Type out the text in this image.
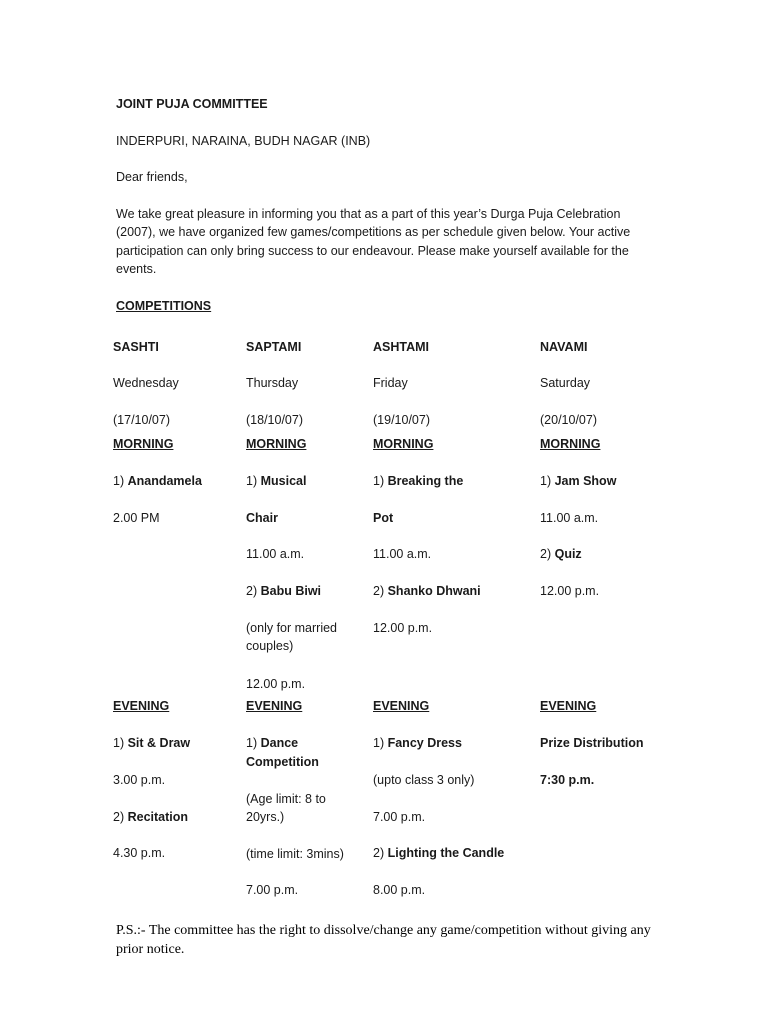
JOINT PUJA COMMITTEE
INDERPURI, NARAINA, BUDH NAGAR (INB)
Dear friends,
We take great pleasure in informing you that as a part of this year’s Durga Puja Celebration (2007), we have organized few games/competitions as per schedule given below. Your active participation can only bring success to our endeavour. Please make yourself available for the events.
COMPETITIONS
SASHTI
Wednesday
(17/10/07)
MORNING
1) Anandamela
2.00 PM
EVENING
1) Sit & Draw
3.00 p.m.
2) Recitation
4.30 p.m.
SAPTAMI
Thursday
(18/10/07)
MORNING
1) Musical
Chair
11.00 a.m.
2) Babu Biwi
(only for married
couples)
12.00 p.m.
EVENING
1) Dance
Competition
(Age limit: 8 to
20yrs.)
(time limit: 3mins)
7.00 p.m.
ASHTAMI
Friday
(19/10/07)
MORNING
1) Breaking the
Pot
11.00 a.m.
2) Shanko Dhwani
12.00 p.m.
EVENING
1) Fancy Dress
(upto class 3 only)
7.00 p.m.
2) Lighting the Candle
8.00 p.m.
NAVAMI
Saturday
(20/10/07)
MORNING
1) Jam Show
11.00 a.m.
2) Quiz
12.00 p.m.
EVENING
Prize Distribution
7:30 p.m.
P.S.:- The committee has the right to dissolve/change any game/competition without giving any prior notice.
